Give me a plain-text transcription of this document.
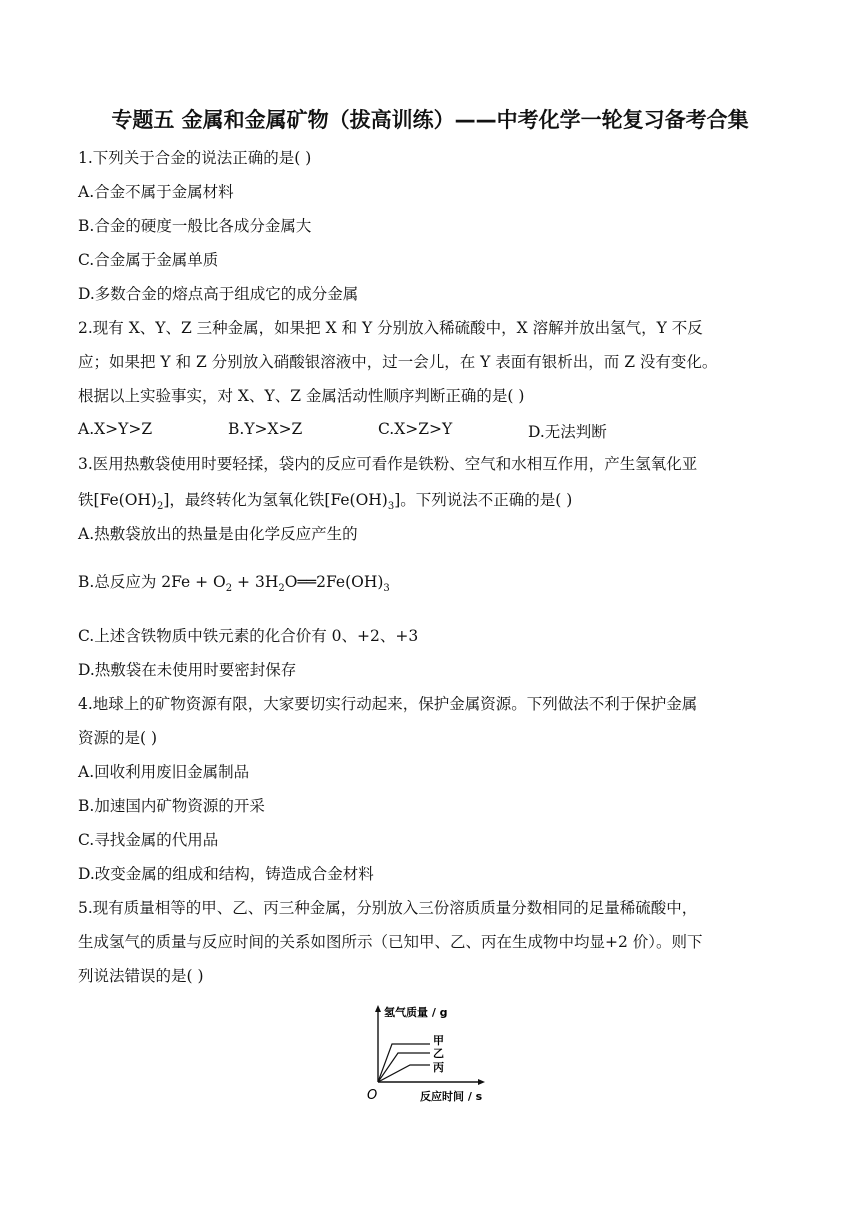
专题五 金属和金属矿物（拔高训练）——中考化学一轮复习备考合集
1.下列关于合金的说法正确的是( )
A.合金不属于金属材料
B.合金的硬度一般比各成分金属大
C.合金属于金属单质
D.多数合金的熔点高于组成它的成分金属
2.现有 X、Y、Z 三种金属，如果把 X 和 Y 分别放入稀硫酸中，X 溶解并放出氢气，Y 不反
应；如果把 Y 和 Z 分别放入硝酸银溶液中，过一会儿，在 Y 表面有银析出，而 Z 没有变化。
根据以上实验事实，对 X、Y、Z 金属活动性顺序判断正确的是( )
A.X>Y>Z	B.Y>X>Z	C.X>Z>Y	D.无法判断
3.医用热敷袋使用时要轻揉，袋内的反应可看作是铁粉、空气和水相互作用，产生氢氧化亚
铁$[Fe(OH)_2]$，最终转化为氢氧化铁$[Fe(OH)_3]$。下列说法不正确的是( )
A.热敷袋放出的热量是由化学反应产生的
B.总反应为 $2Fe + O_2$ + $3H_2O══2Fe(OH)_3$
C.上述含铁物质中铁元素的化合价有 0、+2、+3
D.热敷袋在未使用时要密封保存
4.地球上的矿物资源有限，大家要切实行动起来，保护金属资源。下列做法不利于保护金属
资源的是( )
A.回收利用废旧金属制品
B.加速国内矿物资源的开采
C.寻找金属的代用品
D.改变金属的组成和结构，铸造成合金材料
5.现有质量相等的甲、乙、丙三种金属，分别放入三份溶质质量分数相同的足量稀硫酸中，
生成氢气的质量与反应时间的关系如图所示（已知甲、乙、丙在生成物中均显+2 价）。则下
列说法错误的是( )
氢气质量 / g
甲
乙
丙
O	反应时间 / s
